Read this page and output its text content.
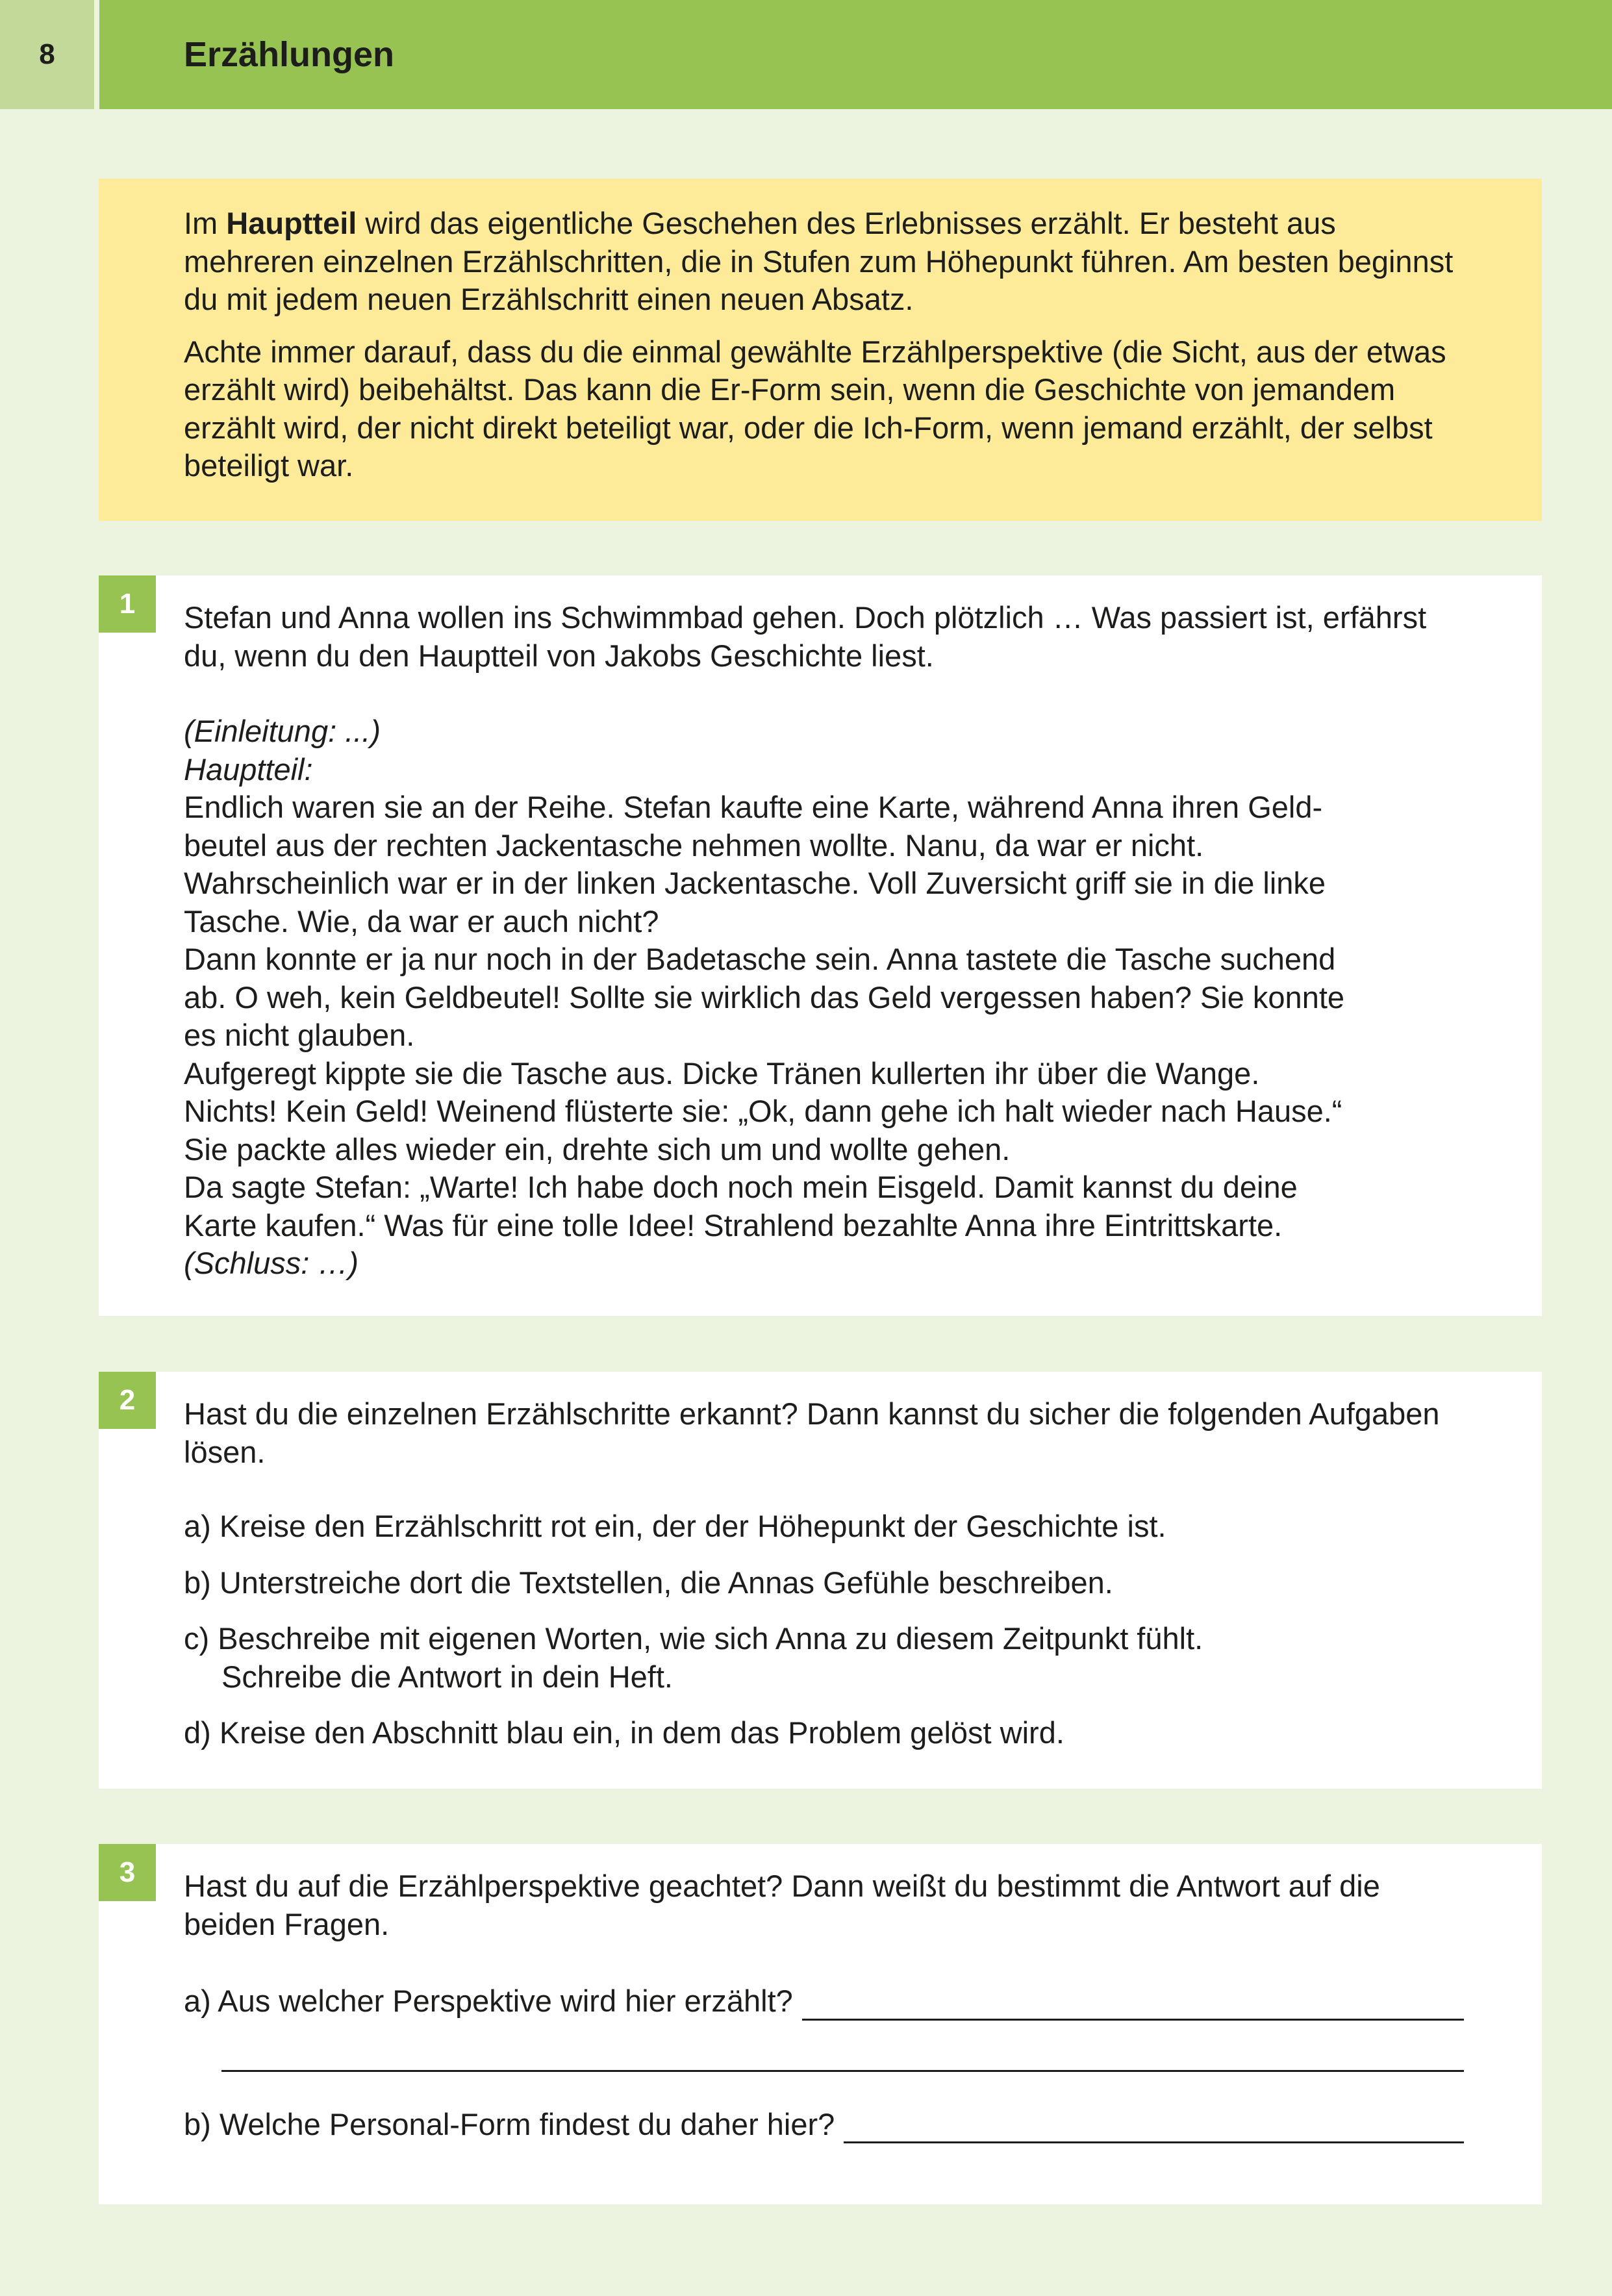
8	Erzählungen

Im Hauptteil wird das eigentliche Geschehen des Erlebnisses erzählt. Er besteht aus mehreren einzelnen Erzählschritten, die in Stufen zum Höhepunkt führen. Am besten beginnst du mit jedem neuen Erzählschritt einen neuen Absatz.

Achte immer darauf, dass du die einmal gewählte Erzählperspektive (die Sicht, aus der etwas erzählt wird) beibehältst. Das kann die Er-Form sein, wenn die Geschichte von jemandem erzählt wird, der nicht direkt beteiligt war, oder die Ich-Form, wenn jemand erzählt, der selbst beteiligt war.

1	Stefan und Anna wollen ins Schwimmbad gehen. Doch plötzlich … Was passiert ist, erfährst du, wenn du den Hauptteil von Jakobs Geschichte liest.

(Einleitung: ...)

Hauptteil:

Endlich waren sie an der Reihe. Stefan kaufte eine Karte, während Anna ihren Geld-

beutel aus der rechten Jackentasche nehmen wollte. Nanu, da war er nicht.

Wahrscheinlich war er in der linken Jackentasche. Voll Zuversicht griff sie in die linke

Tasche. Wie, da war er auch nicht?

Dann konnte er ja nur noch in der Badetasche sein. Anna tastete die Tasche suchend

ab. O weh, kein Geldbeutel! Sollte sie wirklich das Geld vergessen haben? Sie konnte

es nicht glauben.

Aufgeregt kippte sie die Tasche aus. Dicke Tränen kullerten ihr über die Wange.

Nichts! Kein Geld! Weinend flüsterte sie: „Ok, dann gehe ich halt wieder nach Hause.“

Sie packte alles wieder ein, drehte sich um und wollte gehen.

Da sagte Stefan: „Warte! Ich habe doch noch mein Eisgeld. Damit kannst du deine

Karte kaufen.“ Was für eine tolle Idee! Strahlend bezahlte Anna ihre Eintrittskarte.

(Schluss: …)

2	Hast du die einzelnen Erzählschritte erkannt? Dann kannst du sicher die folgenden Aufgaben lösen.

a) Kreise den Erzählschritt rot ein, der der Höhepunkt der Geschichte ist.

b) Unterstreiche dort die Textstellen, die Annas Gefühle beschreiben.

c) Beschreibe mit eigenen Worten, wie sich Anna zu diesem Zeitpunkt fühlt.
Schreibe die Antwort in dein Heft.

d) Kreise den Abschnitt blau ein, in dem das Problem gelöst wird.

3	Hast du auf die Erzählperspektive geachtet? Dann weißt du bestimmt die Antwort auf die beiden Fragen.

a) Aus welcher Perspektive wird hier erzählt?
b) Welche Personal-Form findest du daher hier?
